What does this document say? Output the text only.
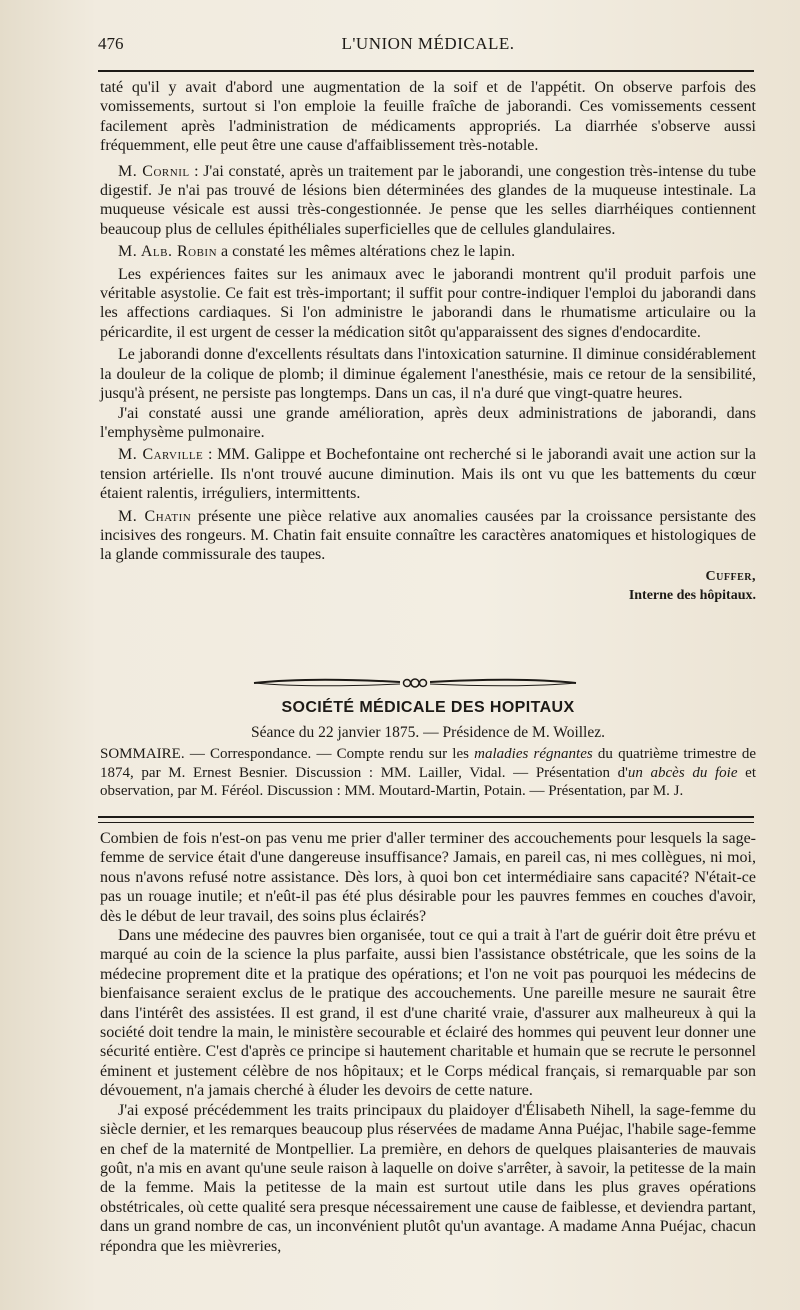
476	L'UNION MÉDICALE.

taté qu'il y avait d'abord une augmentation de la soif et de l'appétit. On observe parfois des vomissements, surtout si l'on emploie la feuille fraîche de jaborandi. Ces vomissements cessent facilement après l'administration de médicaments appropriés. La diarrhée s'observe aussi fréquemment, elle peut être une cause d'affaiblissement très-notable.

M. Cornil : J'ai constaté, après un traitement par le jaborandi, une congestion très-intense du tube digestif. Je n'ai pas trouvé de lésions bien déterminées des glandes de la muqueuse intestinale. La muqueuse vésicale est aussi très-congestionnée. Je pense que les selles diarrhéiques contiennent beaucoup plus de cellules épithéliales superficielles que de cellules glandulaires.

M. Alb. Robin a constaté les mêmes altérations chez le lapin.

Les expériences faites sur les animaux avec le jaborandi montrent qu'il produit parfois une véritable asystolie. Ce fait est très-important; il suffit pour contre-indiquer l'emploi du jaborandi dans les affections cardiaques. Si l'on administre le jaborandi dans le rhumatisme articulaire ou la péricardite, il est urgent de cesser la médication sitôt qu'apparaissent des signes d'endocardite.

Le jaborandi donne d'excellents résultats dans l'intoxication saturnine. Il diminue considérablement la douleur de la colique de plomb; il diminue également l'anesthésie, mais ce retour de la sensibilité, jusqu'à présent, ne persiste pas longtemps. Dans un cas, il n'a duré que vingt-quatre heures.

J'ai constaté aussi une grande amélioration, après deux administrations de jaborandi, dans l'emphysème pulmonaire.

M. Carville : MM. Galippe et Bochefontaine ont recherché si le jaborandi avait une action sur la tension artérielle. Ils n'ont trouvé aucune diminution. Mais ils ont vu que les battements du cœur étaient ralentis, irréguliers, intermittents.

M. Chatin présente une pièce relative aux anomalies causées par la croissance persistante des incisives des rongeurs. M. Chatin fait ensuite connaître les caractères anatomiques et histologiques de la glande commissurale des taupes.

Cuffer,

Interne des hôpitaux.

SOCIÉTÉ MÉDICALE DES HOPITAUX
Séance du 22 janvier 1875. — Présidence de M. Woillez.
SOMMAIRE. — Correspondance. — Compte rendu sur les maladies régnantes du quatrième trimestre de 1874, par M. Ernest Besnier. Discussion : MM. Lailler, Vidal. — Présentation d'un abcès du foie et observation, par M. Féréol. Discussion : MM. Moutard-Martin, Potain. — Présentation, par M. J.

Combien de fois n'est-on pas venu me prier d'aller terminer des accouchements pour lesquels la sage-femme de service était d'une dangereuse insuffisance? Jamais, en pareil cas, ni mes collègues, ni moi, nous n'avons refusé notre assistance. Dès lors, à quoi bon cet intermédiaire sans capacité? N'était-ce pas un rouage inutile; et n'eût-il pas été plus désirable pour les pauvres femmes en couches d'avoir, dès le début de leur travail, des soins plus éclairés?

Dans une médecine des pauvres bien organisée, tout ce qui a trait à l'art de guérir doit être prévu et marqué au coin de la science la plus parfaite, aussi bien l'assistance obstétricale, que les soins de la médecine proprement dite et la pratique des opérations; et l'on ne voit pas pourquoi les médecins de bienfaisance seraient exclus de le pratique des accouchements. Une pareille mesure ne saurait être dans l'intérêt des assistées. Il est grand, il est d'une charité vraie, d'assurer aux malheureux à qui la société doit tendre la main, le ministère secourable et éclairé des hommes qui peuvent leur donner une sécurité entière. C'est d'après ce principe si hautement charitable et humain que se recrute le personnel éminent et justement célèbre de nos hôpitaux; et le Corps médical français, si remarquable par son dévouement, n'a jamais cherché à éluder les devoirs de cette nature.

J'ai exposé précédemment les traits principaux du plaidoyer d'Élisabeth Nihell, la sage-femme du siècle dernier, et les remarques beaucoup plus réservées de madame Anna Puéjac, l'habile sage-femme en chef de la maternité de Montpellier. La première, en dehors de quelques plaisanteries de mauvais goût, n'a mis en avant qu'une seule raison à laquelle on doive s'arrêter, à savoir, la petitesse de la main de la femme. Mais la petitesse de la main est surtout utile dans les plus graves opérations obstétricales, où cette qualité sera presque nécessairement une cause de faiblesse, et deviendra partant, dans un grand nombre de cas, un inconvénient plutôt qu'un avantage. A madame Anna Puéjac, chacun répondra que les mièvreries,
